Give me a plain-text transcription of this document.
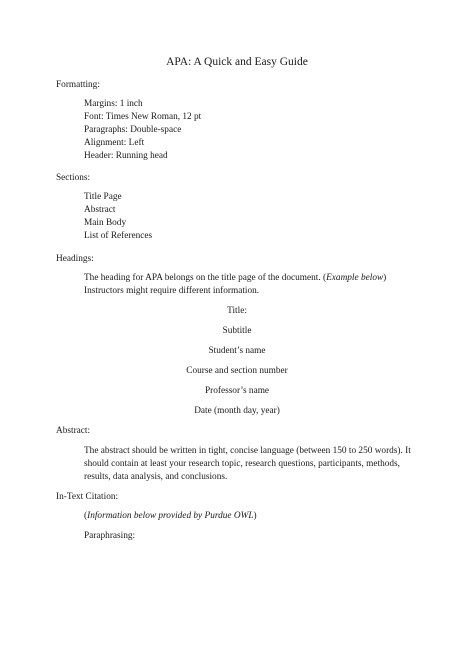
APA: A Quick and Easy Guide
Formatting:
Margins: 1 inch
Font: Times New Roman, 12 pt
Paragraphs: Double-space
Alignment: Left
Header: Running head
Sections:
Title Page
Abstract
Main Body
List of References
Headings:
The heading for APA belongs on the title page of the document. (Example below)
Instructors might require different information.
Title:
Subtitle
Student’s name
Course and section number
Professor’s name
Date (month day, year)
Abstract:
The abstract should be written in tight, concise language (between 150 to 250 words). It
should contain at least your research topic, research questions, participants, methods,
results, data analysis, and conclusions.
In-Text Citation:
(Information below provided by Purdue OWL)
Paraphrasing:
